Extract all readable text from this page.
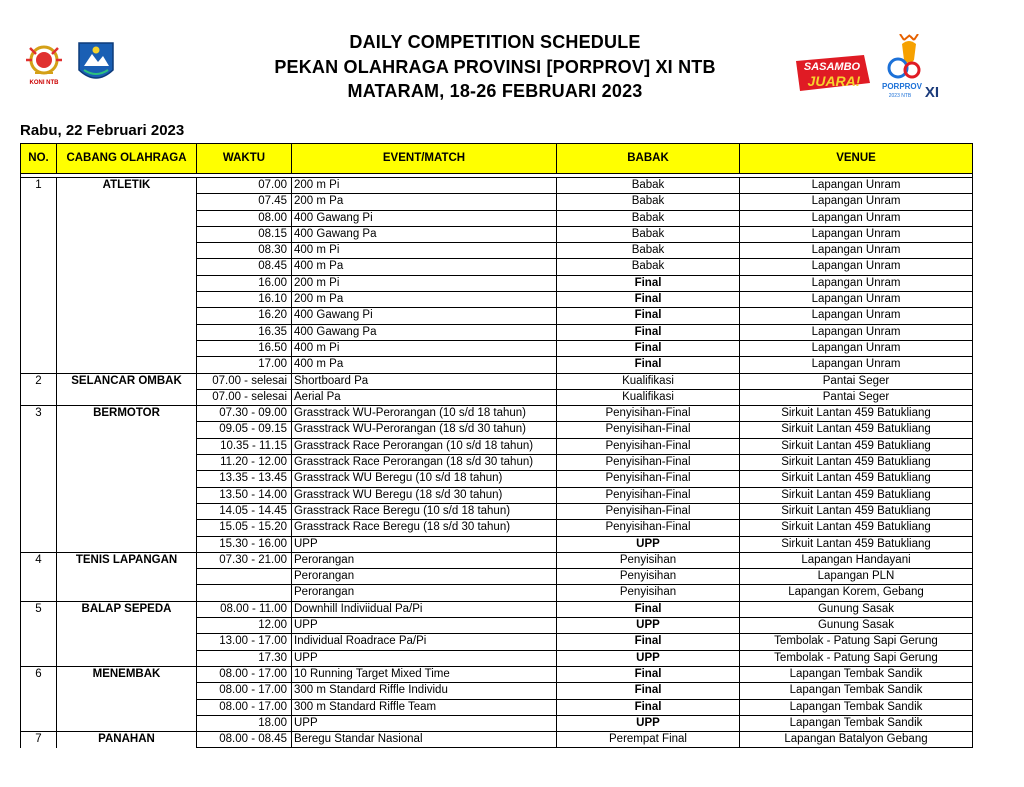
KONI NTB
DAILY COMPETITION SCHEDULE
PEKAN OLAHRAGA PROVINSI [PORPROV] XI NTB
MATARAM, 18-26 FEBRUARI 2023
SASAMBO
JUARA!	PORPROV
2023 NTB XI
Rabu, 22 Februari 2023
NO.	CABANG OLAHRAGA	WAKTU	EVENT/MATCH	BABAK	VENUE

1	ATLETIK	07.00	200 m Pi	Babak	Lapangan Unram
		07.45	200 m Pa	Babak	Lapangan Unram
		08.00	400 Gawang Pi	Babak	Lapangan Unram
		08.15	400 Gawang Pa	Babak	Lapangan Unram
		08.30	400 m Pi	Babak	Lapangan Unram
		08.45	400 m Pa	Babak	Lapangan Unram
		16.00	200 m Pi	Final	Lapangan Unram
		16.10	200 m Pa	Final	Lapangan Unram
		16.20	400 Gawang Pi	Final	Lapangan Unram
		16.35	400 Gawang Pa	Final	Lapangan Unram
		16.50	400 m Pi	Final	Lapangan Unram
		17.00	400 m Pa	Final	Lapangan Unram
2	SELANCAR OMBAK	07.00 - selesai	Shortboard Pa	Kualifikasi	Pantai Seger
		07.00 - selesai	Aerial Pa	Kualifikasi	Pantai Seger
3	BERMOTOR	07.30 - 09.00	Grasstrack WU-Perorangan (10 s/d 18 tahun)	Penyisihan-Final	Sirkuit Lantan 459 Batukliang
		09.05 - 09.15	Grasstrack WU-Perorangan (18 s/d 30 tahun)	Penyisihan-Final	Sirkuit Lantan 459 Batukliang
		10.35 - 11.15	Grasstrack Race Perorangan (10 s/d 18 tahun)	Penyisihan-Final	Sirkuit Lantan 459 Batukliang
		11.20 - 12.00	Grasstrack Race Perorangan (18 s/d 30 tahun)	Penyisihan-Final	Sirkuit Lantan 459 Batukliang
		13.35 - 13.45	Grasstrack WU Beregu (10 s/d 18 tahun)	Penyisihan-Final	Sirkuit Lantan 459 Batukliang
		13.50 - 14.00	Grasstrack WU Beregu (18 s/d 30 tahun)	Penyisihan-Final	Sirkuit Lantan 459 Batukliang
		14.05 - 14.45	Grasstrack Race Beregu (10 s/d 18 tahun)	Penyisihan-Final	Sirkuit Lantan 459 Batukliang
		15.05 - 15.20	Grasstrack Race Beregu (18 s/d 30 tahun)	Penyisihan-Final	Sirkuit Lantan 459 Batukliang
		15.30 - 16.00	UPP	UPP	Sirkuit Lantan 459 Batukliang
4	TENIS LAPANGAN	07.30 - 21.00	Perorangan	Penyisihan	Lapangan Handayani
			Perorangan	Penyisihan	Lapangan PLN
			Perorangan	Penyisihan	Lapangan Korem, Gebang
5	BALAP SEPEDA	08.00 - 11.00	Downhill Indiviidual Pa/Pi	Final	Gunung Sasak
		12.00	UPP	UPP	Gunung Sasak
		13.00 - 17.00	Individual Roadrace Pa/Pi	Final	Tembolak - Patung Sapi Gerung
		17.30	UPP	UPP	Tembolak - Patung Sapi Gerung
6	MENEMBAK	08.00 - 17.00	10 Running Target Mixed Time	Final	Lapangan Tembak Sandik
		08.00 - 17.00	300 m Standard Riffle Individu	Final	Lapangan Tembak Sandik
		08.00 - 17.00	300 m Standard Riffle Team	Final	Lapangan Tembak Sandik
		18.00	UPP	UPP	Lapangan Tembak Sandik
7	PANAHAN	08.00 - 08.45	Beregu Standar Nasional	Perempat Final	Lapangan Batalyon Gebang
